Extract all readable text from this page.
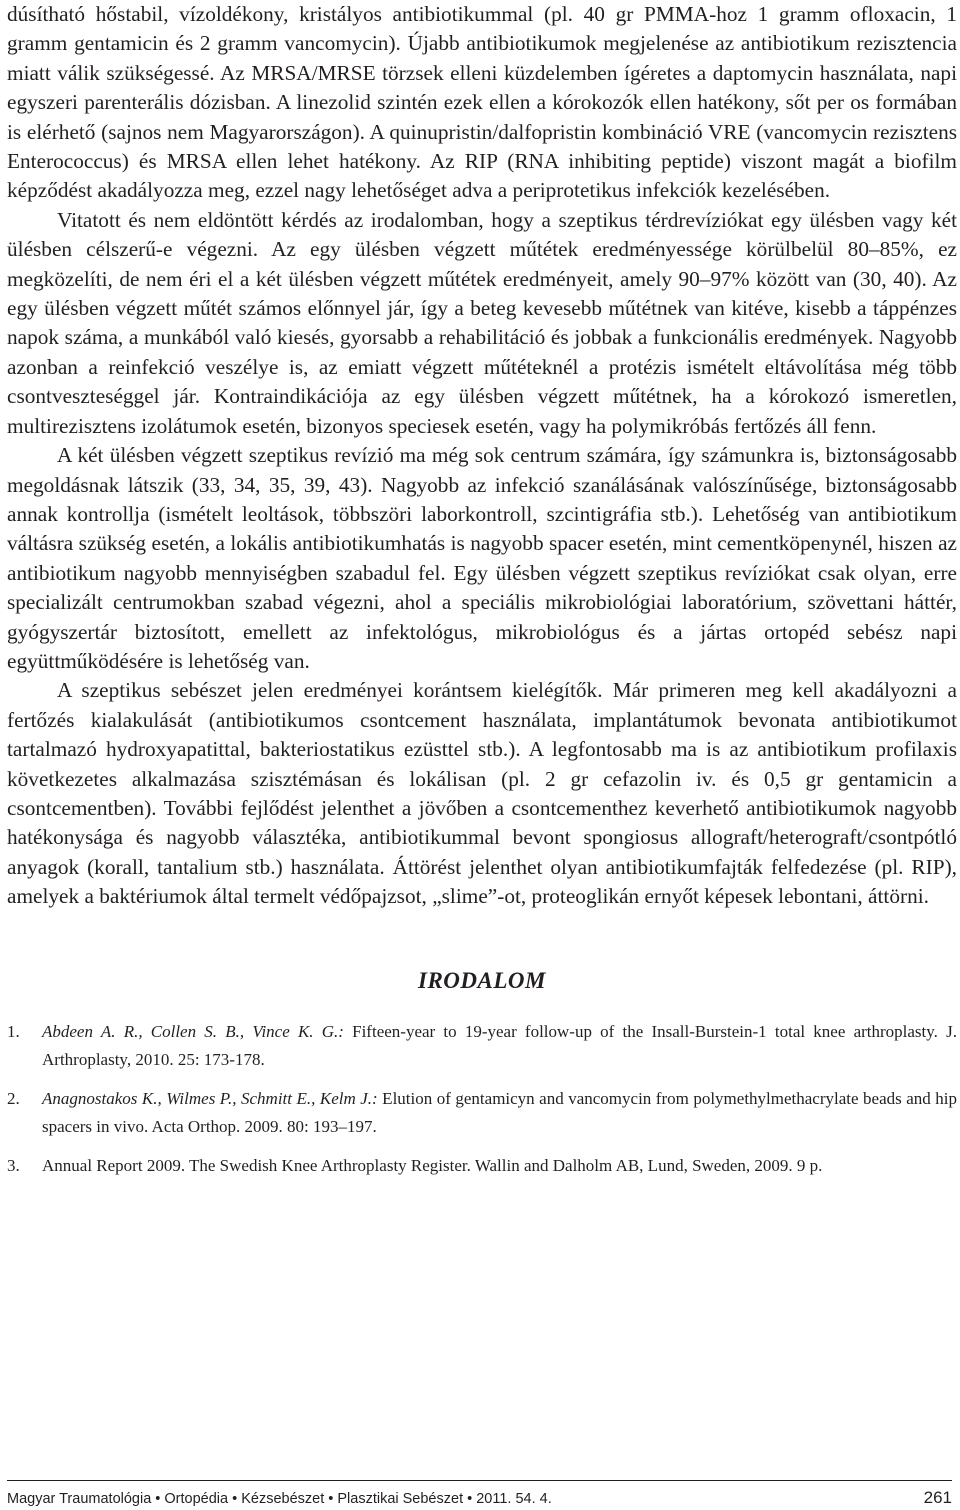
dúsítható hőstabil, vízoldékony, kristályos antibiotikummal (pl. 40 gr PMMA-hoz 1 gramm ofloxacin, 1 gramm gentamicin és 2 gramm vancomycin). Újabb antibiotikumok megjelenése az antibiotikum rezisztencia miatt válik szükségessé. Az MRSA/MRSE törzsek elleni küzdelemben ígéretes a daptomycin használata, napi egyszeri parenterális dózisban. A linezolid szintén ezek ellen a kórokozók ellen hatékony, sőt per os formában is elérhető (sajnos nem Magyarországon). A quinupristin/dalfopristin kombináció VRE (vancomycin rezisztens Enterococcus) és MRSA ellen lehet hatékony. Az RIP (RNA inhibiting peptide) viszont magát a biofilm képződést akadályozza meg, ezzel nagy lehetőséget adva a periprotetikus infekciók kezelésében.

Vitatott és nem eldöntött kérdés az irodalomban, hogy a szeptikus térdrevíziókat egy ülésben vagy két ülésben célszerű-e végezni. Az egy ülésben végzett műtétek eredményessége körülbelül 80–85%, ez megközelíti, de nem éri el a két ülésben végzett műtétek eredményeit, amely 90–97% között van (30, 40). Az egy ülésben végzett műtét számos előnnyel jár, így a beteg kevesebb műtétnek van kitéve, kisebb a táppénzes napok száma, a munkából való kiesés, gyorsabb a rehabilitáció és jobbak a funkcionális eredmények. Nagyobb azonban a reinfekció veszélye is, az emiatt végzett műtéteknél a protézis ismételt eltávolítása még több csontveszteséggel jár. Kontraindikációja az egy ülésben végzett műtétnek, ha a kórokozó ismeretlen, multirezisztens izolátumok esetén, bizonyos speciesek esetén, vagy ha polymikróbás fertőzés áll fenn.

A két ülésben végzett szeptikus revízió ma még sok centrum számára, így számunkra is, biztonságosabb megoldásnak látszik (33, 34, 35, 39, 43). Nagyobb az infekció szanálásának valószínűsége, biztonságosabb annak kontrollja (ismételt leoltások, többszöri laborkontroll, szcintigráfia stb.). Lehetőség van antibiotikum váltásra szükség esetén, a lokális antibiotikumhatás is nagyobb spacer esetén, mint cementköpenynél, hiszen az antibiotikum nagyobb mennyiségben szabadul fel. Egy ülésben végzett szeptikus revíziókat csak olyan, erre specializált centrumokban szabad végezni, ahol a speciális mikrobiológiai laboratórium, szövettani háttér, gyógyszertár biztosított, emellett az infektológus, mikrobiológus és a jártas ortopéd sebész napi együttműködésére is lehetőség van.

A szeptikus sebészet jelen eredményei korántsem kielégítők. Már primeren meg kell akadályozni a fertőzés kialakulását (antibiotikumos csontcement használata, implantátumok bevonata antibiotikumot tartalmazó hydroxyapatittal, bakteriostatikus ezüsttel stb.). A legfontosabb ma is az antibiotikum profilaxis következetes alkalmazása szisztémásan és lokálisan (pl. 2 gr cefazolin iv. és 0,5 gr gentamicin a csontcementben). További fejlődést jelenthet a jövőben a csontcementhez keverhető antibiotikumok nagyobb hatékonysága és nagyobb választéka, antibiotikummal bevont spongiosus allograft/heterograft/csontpótló anyagok (korall, tantalium stb.) használata. Áttörést jelenthet olyan antibiotikumfajták felfedezése (pl. RIP), amelyek a baktériumok által termelt védőpajzsot, „slime”-ot, proteoglikán ernyőt képesek lebontani, áttörni.

IRODALOM
1.	Abdeen A. R., Collen S. B., Vince K. G.: Fifteen-year to 19-year follow-up of the Insall-Burstein-1 total knee arthroplasty. J. Arthroplasty, 2010. 25: 173-178.
2.	Anagnostakos K., Wilmes P., Schmitt E., Kelm J.: Elution of gentamicyn and vancomycin from polymethylmethacrylate beads and hip spacers in vivo. Acta Orthop. 2009. 80: 193–197.
3.	Annual Report 2009. The Swedish Knee Arthroplasty Register. Wallin and Dalholm AB, Lund, Sweden, 2009. 9 p.
Magyar Traumatológia • Ortopédia • Kézsebészet • Plasztikai Sebészet • 2011. 54. 4.	261
